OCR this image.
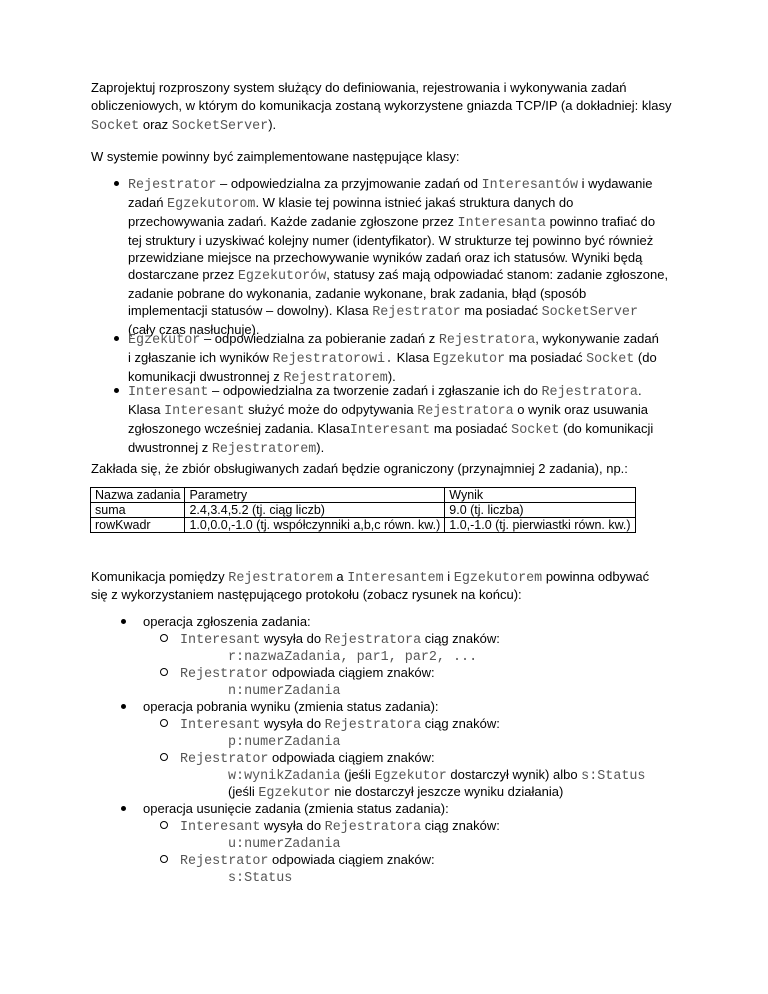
Zaprojektuj rozproszony system służący do definiowania, rejestrowania i wykonywania zadań

obliczeniowych, w którym do komunikacja zostaną wykorzystene gniazda TCP/IP (a dokładniej: klasy

Socket oraz SocketServer).

W systemie powinny być zaimplementowane następujące klasy:

Rejestrator – odpowiedzialna za przyjmowanie zadań od Interesantów i wydawanie

zadań Egzekutorom. W klasie tej powinna istnieć jakaś struktura danych do

przechowywania zadań. Każde zadanie zgłoszone przez Interesanta powinno trafiać do

tej struktury i uzyskiwać kolejny numer (identyfikator). W strukturze tej powinno być również

przewidziane miejsce na przechowywanie wyników zadań oraz ich statusów. Wyniki będą

dostarczane przez Egzekutorów, statusy zaś mają odpowiadać stanom: zadanie zgłoszone,

zadanie pobrane do wykonania, zadanie wykonane, brak zadania, błąd (sposób

implementacji statusów – dowolny). Klasa Rejestrator ma posiadać SocketServer

(cały czas nasłuchuje).

Egzekutor – odpowiedzialna za pobieranie zadań z Rejestratora, wykonywanie zadań

i zgłaszanie ich wyników Rejestratorowi. Klasa Egzekutor ma posiadać Socket (do

komunikacji dwustronnej z Rejestratorem).

Interesant – odpowiedzialna za tworzenie zadań i zgłaszanie ich do Rejestratora.

Klasa Interesant służyć może do odpytywania Rejestratora o wynik oraz usuwania

zgłoszonego wcześniej zadania. KlasaInteresant ma posiadać Socket (do komunikacji

dwustronnej z Rejestratorem).

Zakłada się, że zbiór obsługiwanych zadań będzie ograniczony (przynajmniej 2 zadania), np.:

Nazwa zadania	Parametry	Wynik
suma	2.4,3.4,5.2 (tj. ciąg liczb)	9.0 (tj. liczba)
rowKwadr	1.0,0.0,-1.0 (tj. współczynniki a,b,c równ. kw.)	1.0,-1.0 (tj. pierwiastki równ. kw.)

Komunikacja pomiędzy Rejestratorem a Interesantem i Egzekutorem powinna odbywać

się z wykorzystaniem następującego protokołu (zobacz rysunek na końcu):

operacja zgłoszenia zadania:
Interesant wysyła do Rejestratora ciąg znaków:
r:nazwaZadania, par1, par2, ...
Rejestrator odpowiada ciągiem znaków:
n:numerZadania
operacja pobrania wyniku (zmienia status zadania):
Interesant wysyła do Rejestratora ciąg znaków:
p:numerZadania
Rejestrator odpowiada ciągiem znaków:
w:wynikZadania (jeśli Egzekutor dostarczył wynik) albo s:Status
(jeśli Egzekutor nie dostarczył jeszcze wyniku działania)
operacja usunięcie zadania (zmienia status zadania):
Interesant wysyła do Rejestratora ciąg znaków:
u:numerZadania
Rejestrator odpowiada ciągiem znaków:
s:Status
